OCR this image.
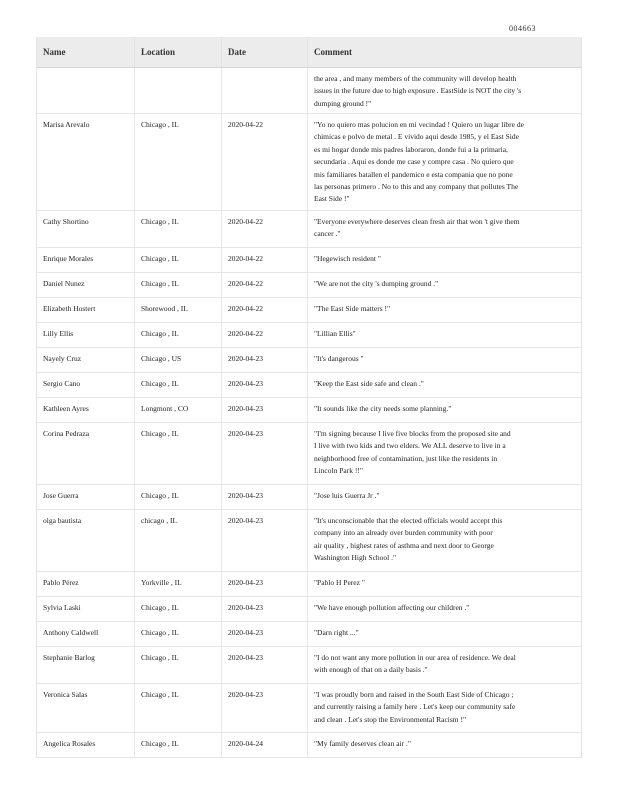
004663
Name	Location	Date	Comment
the area , and many members of the community will develop health
issues in the future due to high exposure . EastSide is NOT the city 's
dumping ground !"
Marisa Arevalo	Chicago , IL	2020-04-22	"Yo no quiero mas polucion en mi vecindad ! Quiero un lugar libre de
chimicas e polvo de metal . E vivido aqui desde 1985, y el East Side
es mi hogar donde mis padres laboraron, donde fui a la primaria,
secundaria . Aqui es donde me case y compre casa . No quiero que
mis familiares batallen el pandemico e esta compania que no pone
las personas primero . No to this and any company that pollutes The
East Side !"
Cathy Shortino	Chicago , IL	2020-04-22	"Everyone everywhere deserves clean fresh air that won 't give them
cancer ."
Enrique Morales	Chicago , IL	2020-04-22	"Hegewisch resident "
Daniel Nunez	Chicago , IL	2020-04-22	"We are not the city 's dumping ground ."
Elizabeth Hostert	Shorewood , IL	2020-04-22	"The East Side matters !"
Lilly Ellis	Chicago , IL	2020-04-22	"Lillian Ellis"
Nayely Cruz	Chicago , US	2020-04-23	"It's dangerous "
Sergio Cano	Chicago , IL	2020-04-23	"Keep the East side safe and clean ."
Kathleen Ayres	Longmont , CO	2020-04-23	"It sounds like the city needs some planning."
Corina Pedraza	Chicago , IL	2020-04-23	"I'm signing because I live five blocks from the proposed site and
I live with two kids and two elders. We ALL deserve to live in a
neighborhood free of contamination, just like the residents in
Lincoln Park !!"
Jose Guerra	Chicago , IL	2020-04-23	"Jose luis Guerra Jr ."
olga bautista	chicago , IL	2020-04-23	"It's unconscionable that the elected officials would accept this
company into an already over burden community with poor
air quality , highest rates of asthma and next door to George
Washington High School ."
Pablo Pérez	Yorkville , IL	2020-04-23	"Pablo H Perez "
Sylvia Laski	Chicago , IL	2020-04-23	"We have enough pollution affecting our children ."
Anthony Caldwell	Chicago , IL	2020-04-23	"Darn right ..."
Stephanie Barlog	Chicago , IL	2020-04-23	"I do not want any more pollution in our area of residence. We deal
with enough of that on a daily basis ."
Veronica Salas	Chicago , IL	2020-04-23	"I was proudly born and raised in the South East Side of Chicago ;
and currently raising a family here . Let's keep our community safe
and clean . Let's stop the Environmental Racism !"
Angelica Rosales	Chicago , IL	2020-04-24	"My family deserves clean air ."
